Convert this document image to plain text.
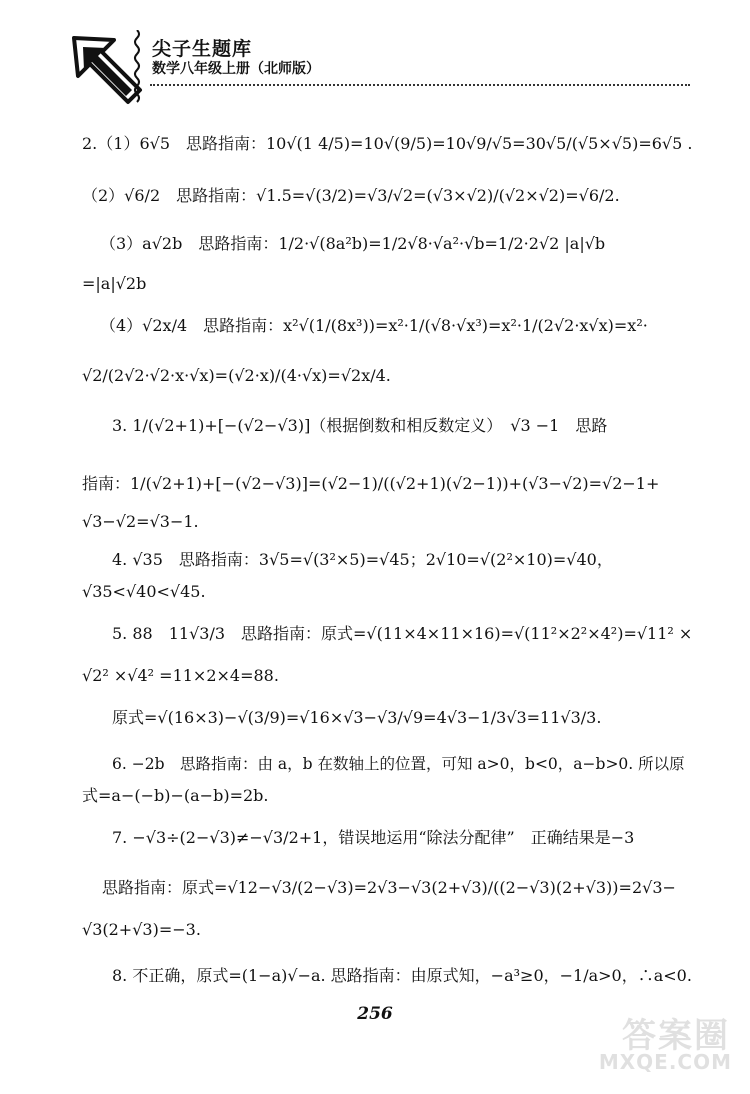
尖子生题库
数学八年级上册（北师版）
2.（1）6√5　思路指南：10√(1 4/5)=10√(9/5)=10√9/√5=30√5/(√5×√5)=6√5 .
（2）√6/2　思路指南：√1.5=√(3/2)=√3/√2=(√3×√2)/(√2×√2)=√6/2.
（3）a√2b　思路指南：1/2·√(8a²b)=1/2√8·√a²·√b=1/2·2√2 |a|√b
=|a|√2b
（4）√2x/4　思路指南：x²√(1/(8x³))=x²·1/(√8·√x³)=x²·1/(2√2·x√x)=x²·
√2/(2√2·√2·x·√x)=(√2·x)/(4·√x)=√2x/4.
3. 1/(√2+1)+[−(√2−√3)]（根据倒数和相反数定义）　√3 −1　思路
指南：1/(√2+1)+[−(√2−√3)]=(√2−1)/((√2+1)(√2−1))+(√3−√2)=√2−1+
√3−√2=√3−1.
4. √35　思路指南：3√5=√(3²×5)=√45；2√10=√(2²×10)=√40，
√35<√40<√45.
5. 88　11√3/3　思路指南：原式=√(11×4×11×16)=√(11²×2²×4²)=√11² ×
√2² ×√4² =11×2×4=88.
原式=√(16×3)−√(3/9)=√16×√3−√3/√9=4√3−1/3√3=11√3/3.
6. −2b　思路指南：由 a，b 在数轴上的位置，可知 a>0，b<0，a−b>0. 所以原
式=a−(−b)−(a−b)=2b.
7. −√3÷(2−√3)≠−√3/2+1，错误地运用“除法分配律”　正确结果是−3
思路指南：原式=√12−√3/(2−√3)=2√3−√3(2+√3)/((2−√3)(2+√3))=2√3−
√3(2+√3)=−3.
8. 不正确，原式=(1−a)√−a. 思路指南：由原式知，−a³≥0，−1/a>0，∴a<0.
256
答案圈
MXQE.COM
